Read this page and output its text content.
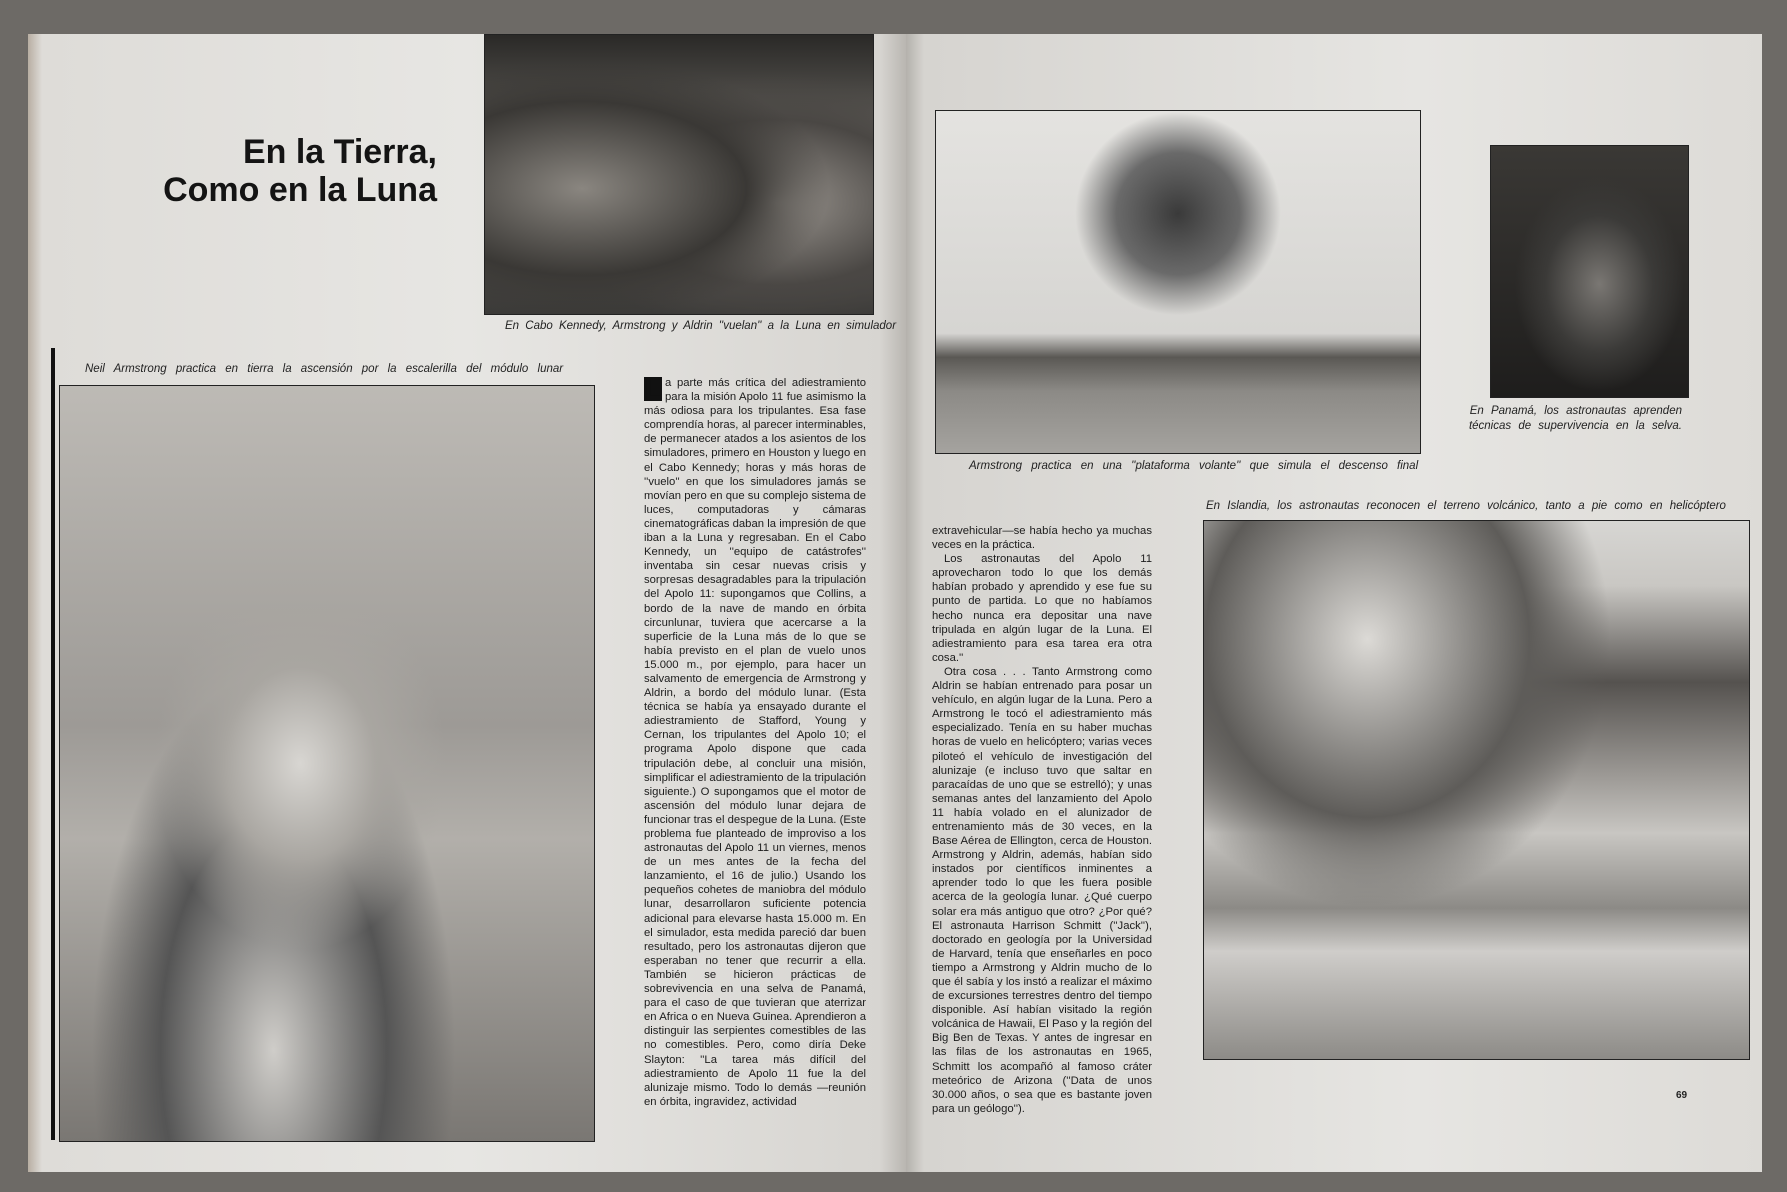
En la Tierra,
Como en la Luna
En Cabo Kennedy, Armstrong y Aldrin ''vuelan'' a la Luna en simulador
Neil Armstrong practica en tierra la ascensión por la escalerilla del módulo lunar

L a parte más crítica del adiestramiento para la misión Apolo 11 fue asimismo la más odiosa para los tripulantes. Esa fase comprendía horas, al parecer interminables, de permanecer atados a los asientos de los simuladores, primero en Houston y luego en el Cabo Kennedy; horas y más horas de ''vuelo'' en que los simuladores jamás se movían pero en que su complejo sistema de luces, computadoras y cámaras cinematográficas daban la impresión de que iban a la Luna y regresaban. En el Cabo Kennedy, un ''equipo de catástrofes'' inventaba sin cesar nuevas crisis y sorpresas desagradables para la tripulación del Apolo 11: supongamos que Collins, a bordo de la nave de mando en órbita circunlunar, tuviera que acercarse a la superficie de la Luna más de lo que se había previsto en el plan de vuelo unos 15.000 m., por ejemplo, para hacer un salvamento de emergencia de Armstrong y Aldrin, a bordo del módulo lunar. (Esta técnica se había ya ensayado durante el adiestramiento de Stafford, Young y Cernan, los tripulantes del Apolo 10; el programa Apolo dispone que cada tripulación debe, al concluir una misión, simplificar el adiestramiento de la tripulación siguiente.) O supongamos que el motor de ascensión del módulo lunar dejara de funcionar tras el despegue de la Luna. (Este problema fue planteado de improviso a los astronautas del Apolo 11 un viernes, menos de un mes antes de la fecha del lanzamiento, el 16 de julio.) Usando los pequeños cohetes de maniobra del módulo lunar, desarrollaron suficiente potencia adicional para elevarse hasta 15.000 m. En el simulador, esta medida pareció dar buen resultado, pero los astronautas dijeron que esperaban no tener que recurrir a ella. También se hicieron prácticas de sobrevivencia en una selva de Panamá, para el caso de que tuvieran que aterrizar en Africa o en Nueva Guinea. Aprendieron a distinguir las serpientes comestibles de las no comestibles. Pero, como diría Deke Slayton: ''La tarea más difícil del adiestramiento de Apolo 11 fue la del alunizaje mismo. Todo lo demás —reunión en órbita, ingravidez, actividad

Armstrong practica en una ''plataforma volante'' que simula el descenso final
En Panamá, los astronautas aprenden
técnicas de supervivencia en la selva.
En Islandia, los astronautas reconocen el terreno volcánico, tanto a pie como en helicóptero

extravehicular—se había hecho ya muchas veces en la práctica.

Los astronautas del Apolo 11 aprovecharon todo lo que los demás habían probado y aprendido y ese fue su punto de partida. Lo que no habíamos hecho nunca era depositar una nave tripulada en algún lugar de la Luna. El adiestramiento para esa tarea era otra cosa.''

Otra cosa . . . Tanto Armstrong como Aldrin se habían entrenado para posar un vehículo, en algún lugar de la Luna. Pero a Armstrong le tocó el adiestramiento más especializado. Tenía en su haber muchas horas de vuelo en helicóptero; varias veces piloteó el vehículo de investigación del alunizaje (e incluso tuvo que saltar en paracaídas de uno que se estrelló); y unas semanas antes del lanzamiento del Apolo 11 había volado en el alunizador de entrenamiento más de 30 veces, en la Base Aérea de Ellington, cerca de Houston. Armstrong y Aldrin, además, habían sido instados por científicos inminentes a aprender todo lo que les fuera posible acerca de la geología lunar. ¿Qué cuerpo solar era más antiguo que otro? ¿Por qué? El astronauta Harrison Schmitt (''Jack''), doctorado en geología por la Universidad de Harvard, tenía que enseñarles en poco tiempo a Armstrong y Aldrin mucho de lo que él sabía y los instó a realizar el máximo de excursiones terrestres dentro del tiempo disponible. Así habían visitado la región volcánica de Hawaii, El Paso y la región del Big Ben de Texas. Y antes de ingresar en las filas de los astronautas en 1965, Schmitt los acompañó al famoso cráter meteórico de Arizona (''Data de unos 30.000 años, o sea que es bastante joven para un geólogo'').

69
